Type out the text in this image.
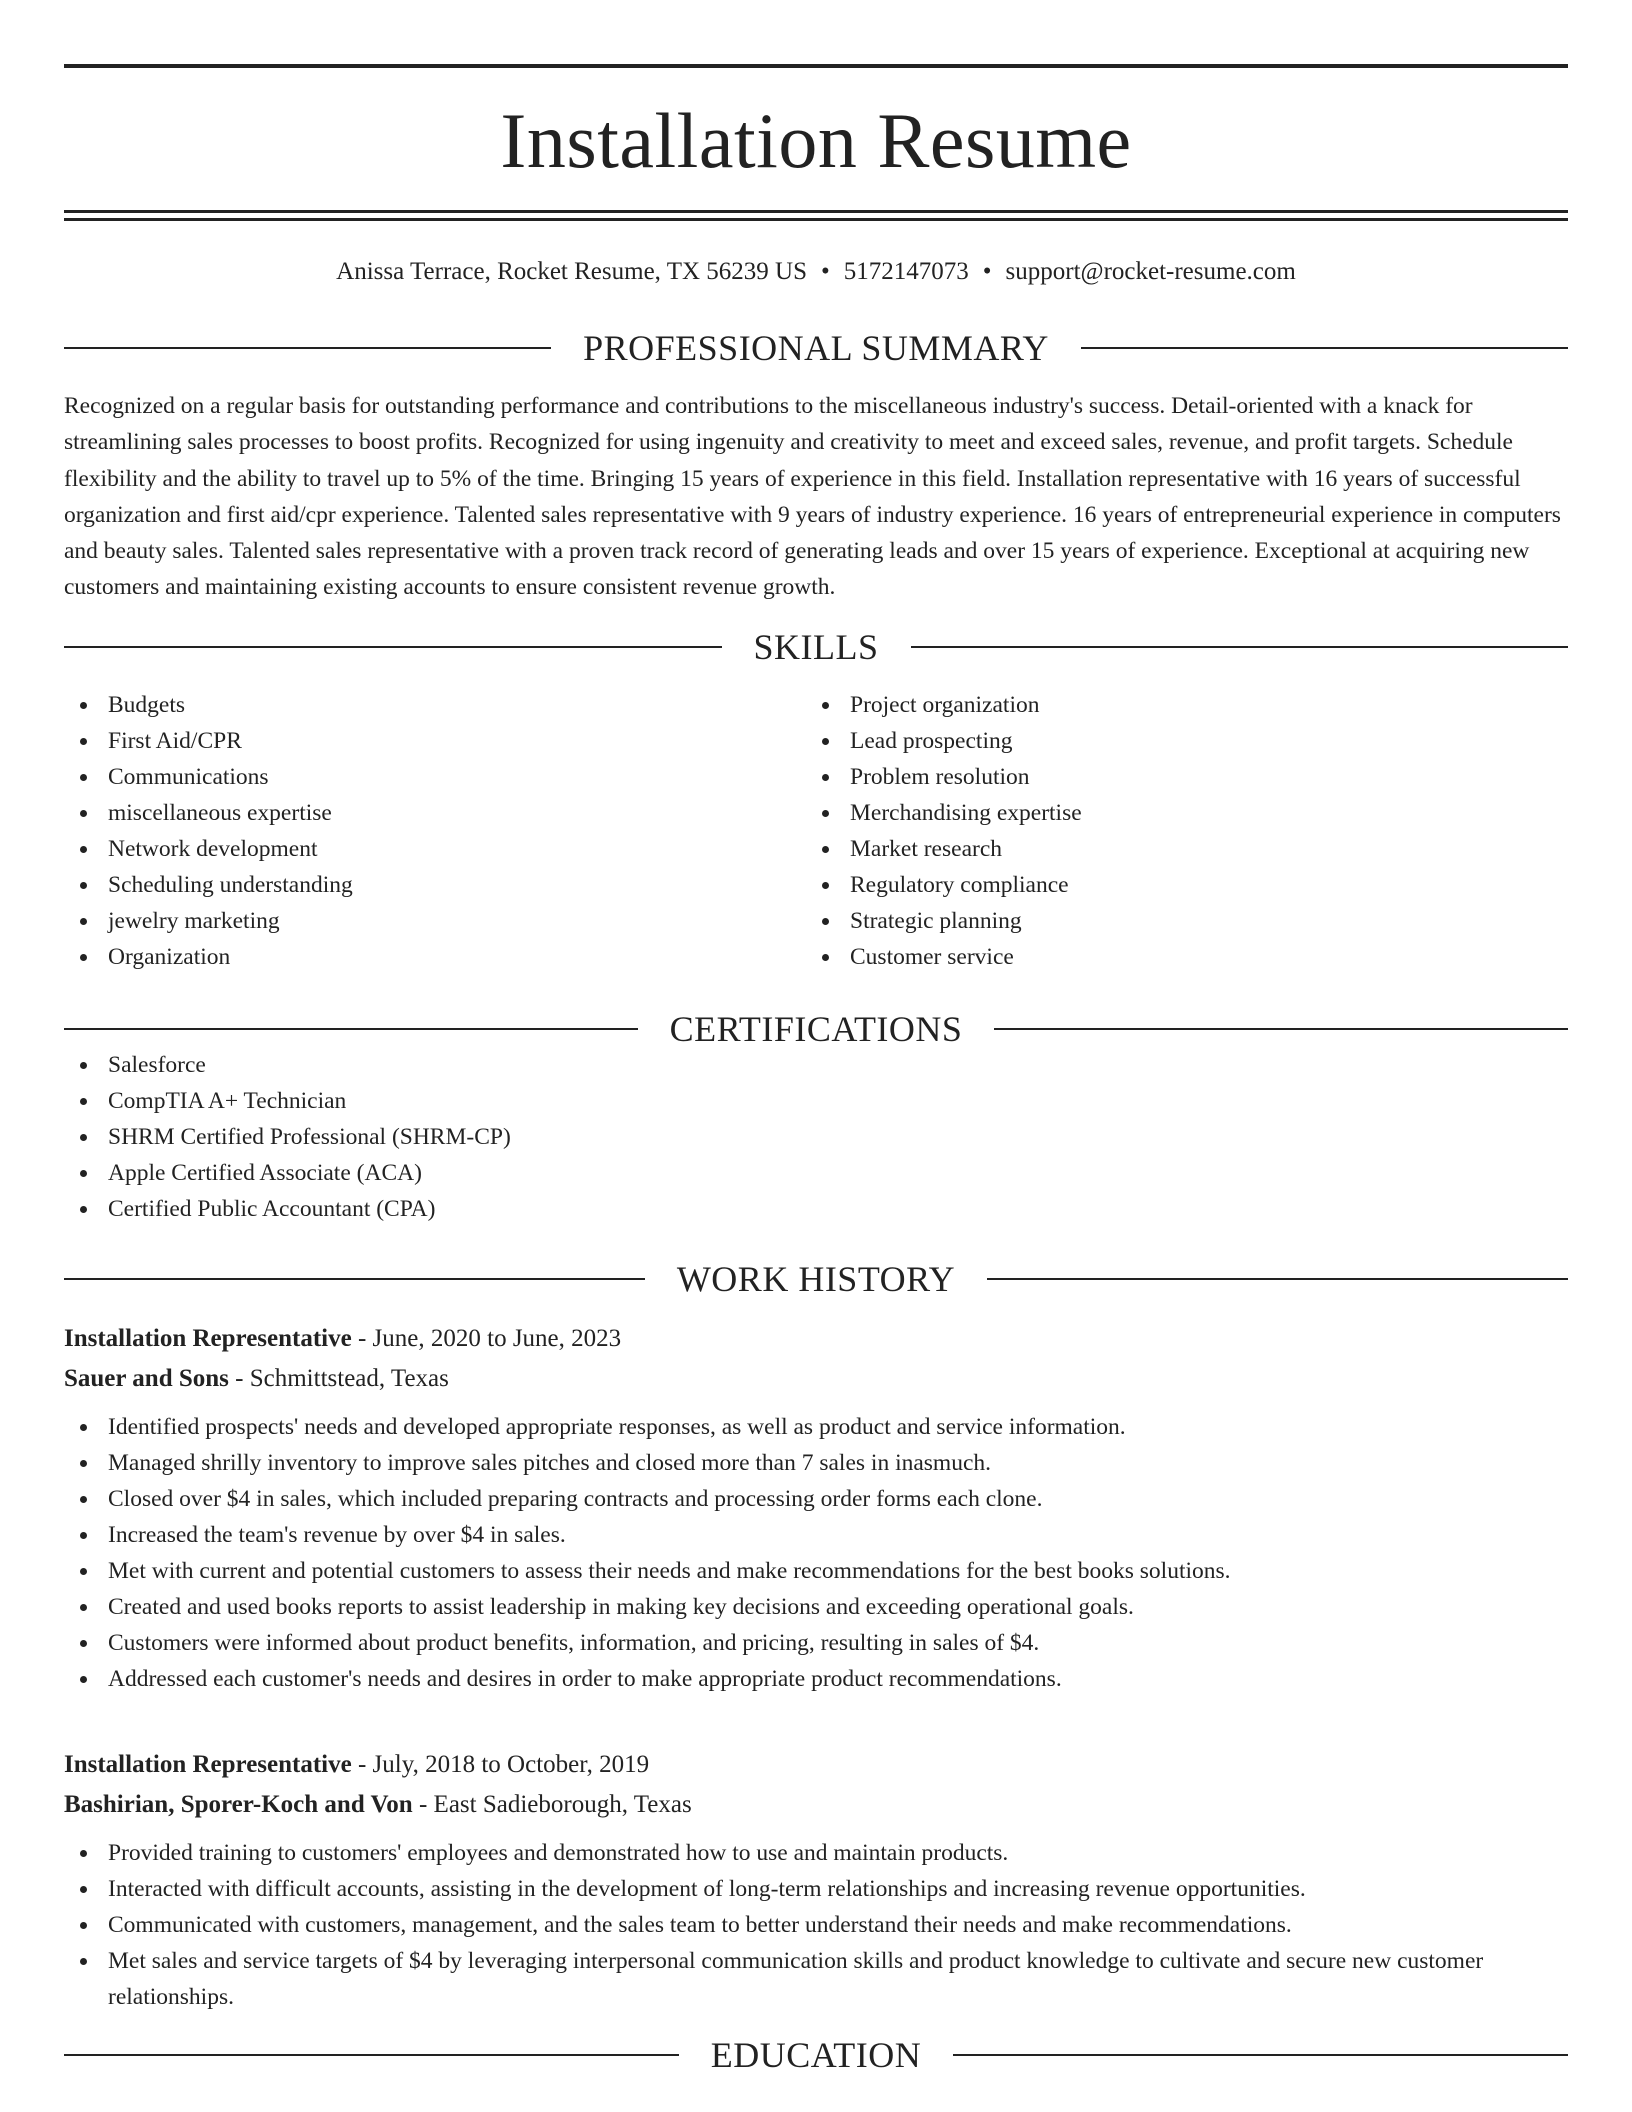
Installation Resume
Anissa Terrace, Rocket Resume, TX 56239 US • 5172147073 • support@rocket-resume.com
PROFESSIONAL SUMMARY

Recognized on a regular basis for outstanding performance and contributions to the miscellaneous industry's success. Detail-oriented with a knack for streamlining sales processes to boost profits. Recognized for using ingenuity and creativity to meet and exceed sales, revenue, and profit targets. Schedule flexibility and the ability to travel up to 5% of the time. Bringing 15 years of experience in this field. Installation representative with 16 years of successful organization and first aid/cpr experience. Talented sales representative with 9 years of industry experience. 16 years of entrepreneurial experience in computers and beauty sales. Talented sales representative with a proven track record of generating leads and over 15 years of experience. Exceptional at acquiring new customers and maintaining existing accounts to ensure consistent revenue growth.

SKILLS
Budgets
First Aid/CPR
Communications
miscellaneous expertise
Network development
Scheduling understanding
jewelry marketing
Organization
Project organization
Lead prospecting
Problem resolution
Merchandising expertise
Market research
Regulatory compliance
Strategic planning
Customer service
CERTIFICATIONS
Salesforce
CompTIA A+ Technician
SHRM Certified Professional (SHRM-CP)
Apple Certified Associate (ACA)
Certified Public Accountant (CPA)
WORK HISTORY
Installation Representative - June, 2020 to June, 2023
Sauer and Sons - Schmittstead, Texas
Identified prospects' needs and developed appropriate responses, as well as product and service information.
Managed shrilly inventory to improve sales pitches and closed more than 7 sales in inasmuch.
Closed over $4 in sales, which included preparing contracts and processing order forms each clone.
Increased the team's revenue by over $4 in sales.
Met with current and potential customers to assess their needs and make recommendations for the best books solutions.
Created and used books reports to assist leadership in making key decisions and exceeding operational goals.
Customers were informed about product benefits, information, and pricing, resulting in sales of $4.
Addressed each customer's needs and desires in order to make appropriate product recommendations.
Installation Representative - July, 2018 to October, 2019
Bashirian, Sporer-Koch and Von - East Sadieborough, Texas
Provided training to customers' employees and demonstrated how to use and maintain products.
Interacted with difficult accounts, assisting in the development of long-term relationships and increasing revenue opportunities.
Communicated with customers, management, and the sales team to better understand their needs and make recommendations.
Met sales and service targets of $4 by leveraging interpersonal communication skills and product knowledge to cultivate and secure new customer relationships.
EDUCATION
